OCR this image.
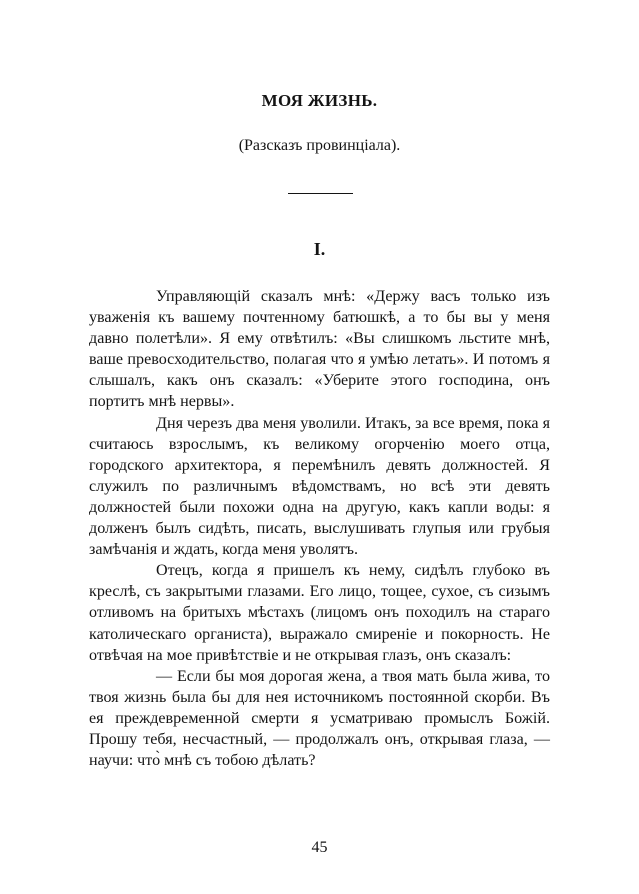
МОЯ ЖИЗНЬ.
(Разсказъ провинціала).
I.

Управляющій сказалъ мнѣ: «Держу васъ только изъ уваженія къ вашему почтенному батюшкѣ, а то бы вы у меня давно полетѣли». Я ему отвѣтилъ: «Вы слишкомъ льстите мнѣ, ваше превосходительство, полагая что я умѣю летать». И потомъ я слышалъ, какъ онъ сказалъ: «Уберите этого господина, онъ портитъ мнѣ нервы».

Дня черезъ два меня уволили. Итакъ, за все время, пока я считаюсь взрослымъ, къ великому огорченію моего отца, городского архитектора, я перемѣнилъ девять должностей. Я служилъ по различнымъ вѣдомствамъ, но всѣ эти девять должностей были похожи одна на другую, какъ капли воды: я долженъ былъ сидѣть, писать, выслушивать глупыя или грубыя замѣчанія и ждать, когда меня уволятъ.

Отецъ, когда я пришелъ къ нему, сидѣлъ глубоко въ креслѣ, съ закрытыми глазами. Его лицо, тощее, сухое, съ сизымъ отливомъ на бритыхъ мѣстахъ (лицомъ онъ походилъ на стараго католическаго органиста), выражало смиреніе и покорность. Не отвѣчая на мое привѣтствіе и не открывая глазъ, онъ сказалъ:

— Если бы моя дорогая жена, а твоя мать была жива, то твоя жизнь была бы для нея источникомъ постоянной скорби. Въ ея преждевременной смерти я усматриваю промыслъ Божій. Прошу тебя, несчастный, — продолжалъ онъ, открывая глаза, — научи: что̀ мнѣ съ тобою дѣлать?

45
